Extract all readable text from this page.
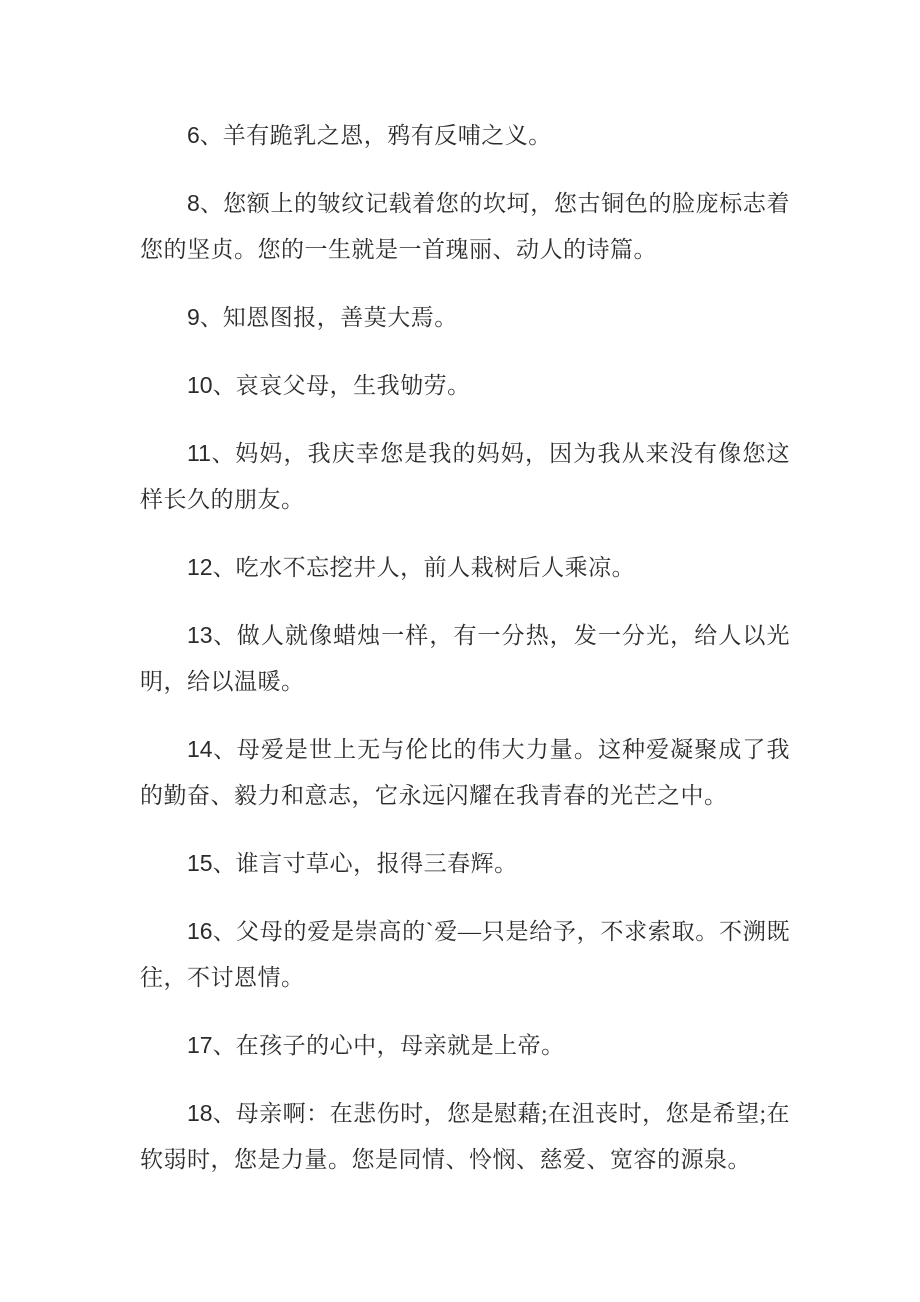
6、羊有跪乳之恩，鸦有反哺之义。

8、您额上的皱纹记载着您的坎坷，您古铜色的脸庞标志着您的坚贞。您的一生就是一首瑰丽、动人的诗篇。

9、知恩图报，善莫大焉。

10、哀哀父母，生我劬劳。

11、妈妈，我庆幸您是我的妈妈，因为我从来没有像您这样长久的朋友。

12、吃水不忘挖井人，前人栽树后人乘凉。

13、做人就像蜡烛一样，有一分热，发一分光，给人以光明，给以温暖。

14、母爱是世上无与伦比的伟大力量。这种爱凝聚成了我的勤奋、毅力和意志，它永远闪耀在我青春的光芒之中。

15、谁言寸草心，报得三春辉。

16、父母的爱是崇高的`爱—只是给予，不求索取。不溯既往，不讨恩情。

17、在孩子的心中，母亲就是上帝。

18、母亲啊：在悲伤时，您是慰藉;在沮丧时，您是希望;在软弱时，您是力量。您是同情、怜悯、慈爱、宽容的源泉。
